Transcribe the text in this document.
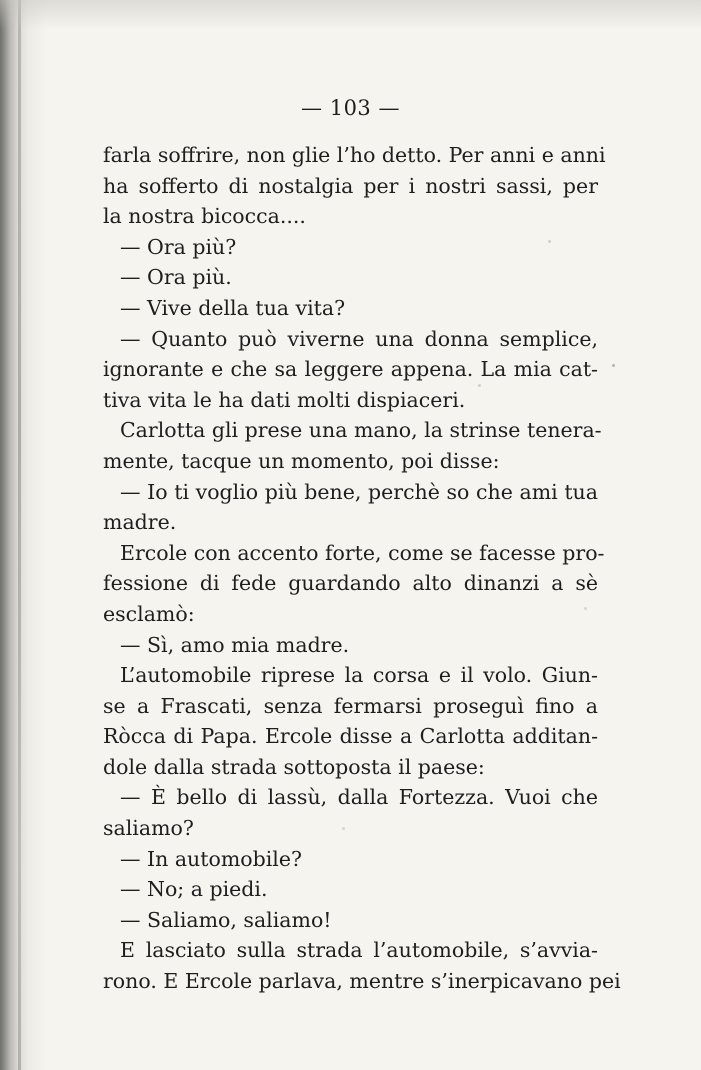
— 103 —
farla soffrire, non glie l’ho detto. Per anni e anni
ha sofferto di nostalgia per i nostri sassi, per
la nostra bicocca....
— Ora più?
— Ora più.
— Vive della tua vita?
— Quanto può viverne una donna semplice,
ignorante e che sa leggere appena. La mia cat-
tiva vita le ha dati molti dispiaceri.
Carlotta gli prese una mano, la strinse tenera-
mente, tacque un momento, poi disse:
— Io ti voglio più bene, perchè so che ami tua
madre.
Ercole con accento forte, come se facesse pro-
fessione di fede guardando alto dinanzi a sè
esclamò:
— Sì, amo mia madre.
L’automobile riprese la corsa e il volo. Giun-
se a Frascati, senza fermarsi proseguì fino a
Ròcca di Papa. Ercole disse a Carlotta additan-
dole dalla strada sottoposta il paese:
— È bello di lassù, dalla Fortezza. Vuoi che
saliamo?
— In automobile?
— No; a piedi.
— Saliamo, saliamo!
E lasciato sulla strada l’automobile, s’avvia-
rono. E Ercole parlava, mentre s’inerpicavano pei
